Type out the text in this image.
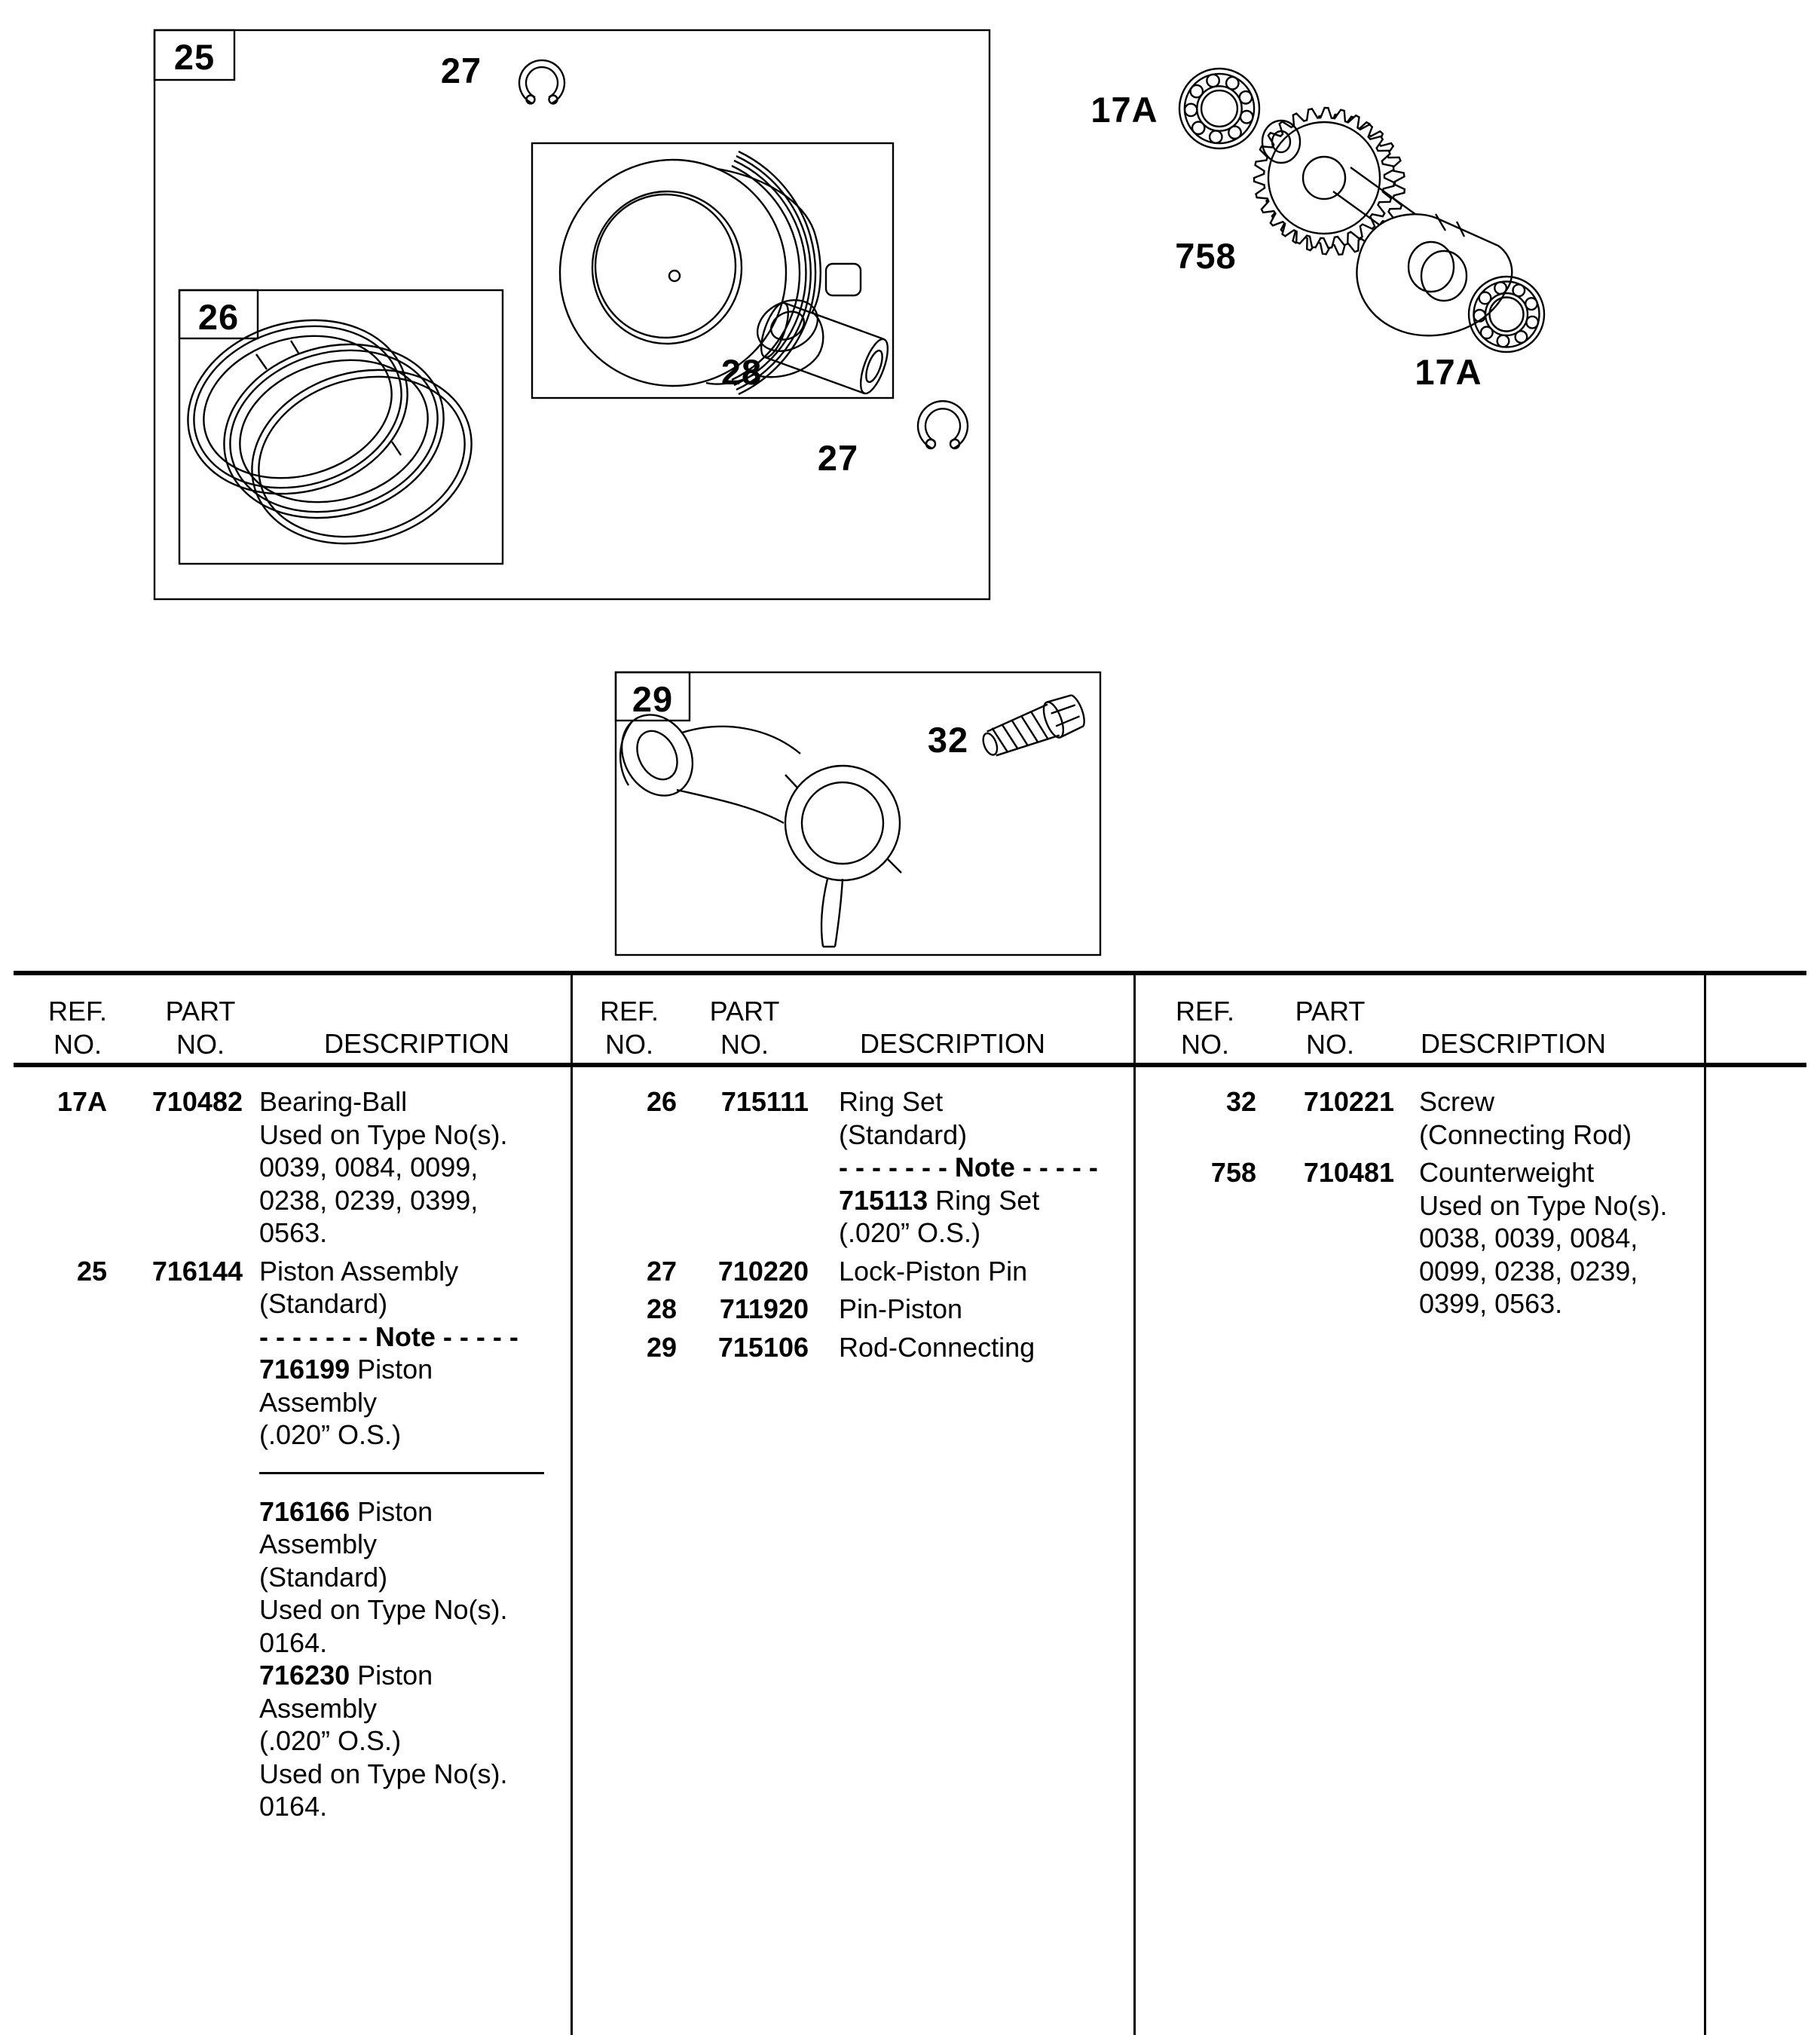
25
26
27
28
27
17A
758
17A
29
32
REF.
NO.
PART
NO.	DESCRIPTION
17A	710482 Bearing-Ball
Used on Type No(s).
0039, 0084, 0099,
0238, 0239, 0399,
0563.
25	716144 Piston Assembly
(Standard)
- - - - - - - Note - - - - -
716199 Piston
Assembly
(.020” O.S.)
716166 Piston
Assembly
(Standard)
Used on Type No(s).
0164.
716230 Piston
Assembly
(.020” O.S.)
Used on Type No(s).
0164.
REF.
NO.
PART
NO.	DESCRIPTION
26	715111 Ring Set
(Standard)
- - - - - - - Note - - - - -
715113 Ring Set
(.020” O.S.)
27	710220 Lock-Piston Pin
28	711920 Pin-Piston
29	715106 Rod-Connecting
REF.
NO.
PART
NO.	DESCRIPTION
32	710221 Screw
(Connecting Rod)
758	710481 Counterweight
Used on Type No(s).
0038, 0039, 0084,
0099, 0238, 0239,
0399, 0563.
